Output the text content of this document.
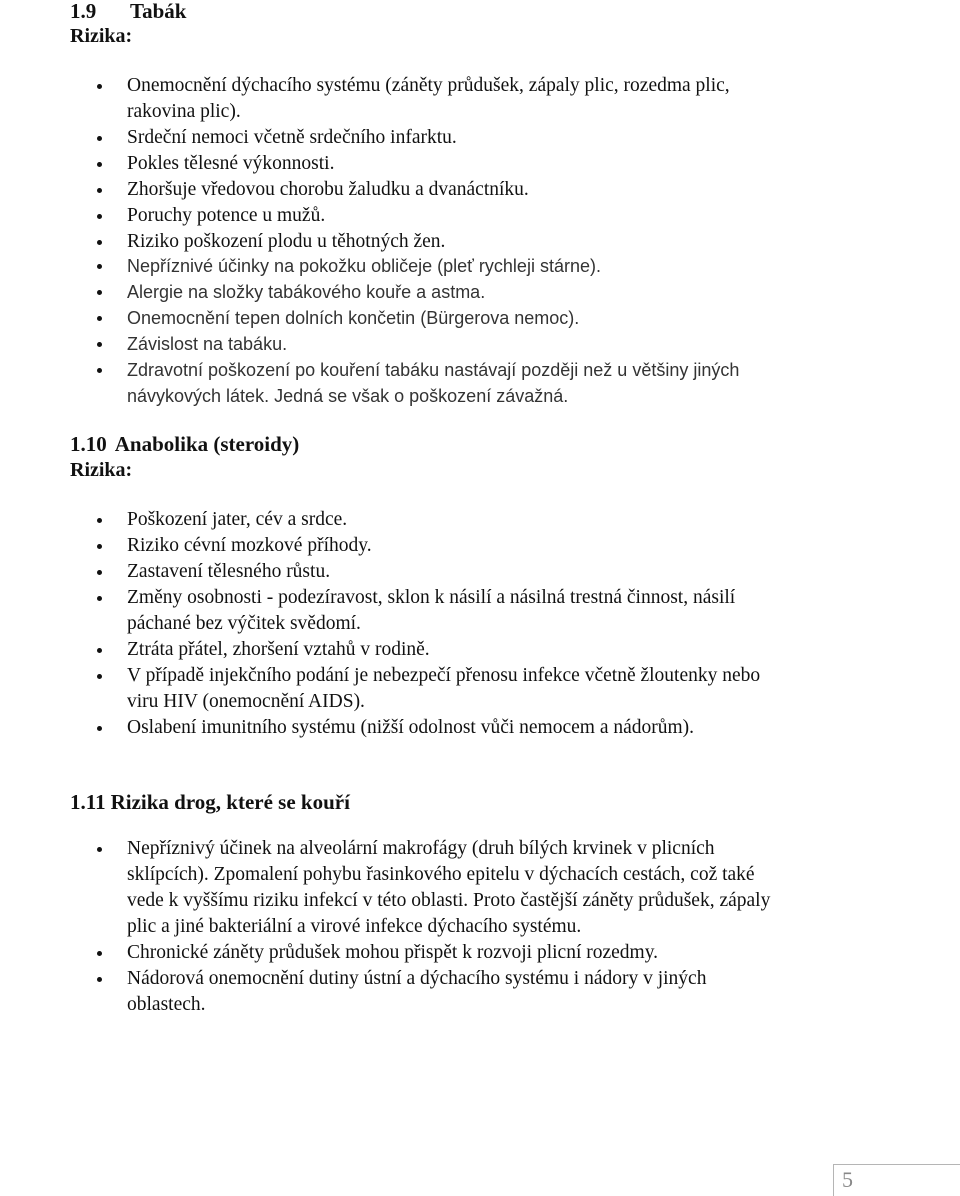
1.9 Tabák
Rizika:
Onemocnění dýchacího systému (záněty průdušek, zápaly plic, rozedma plic, rakovina plic).
Srdeční nemoci včetně srdečního infarktu.
Pokles tělesné výkonnosti.
Zhoršuje vředovou chorobu žaludku a dvanáctníku.
Poruchy potence u mužů.
Riziko poškození plodu u těhotných žen.
Nepříznivé účinky na pokožku obličeje (pleť rychleji stárne).
Alergie na složky tabákového kouře a astma.
Onemocnění tepen dolních končetin (Bürgerova nemoc).
Závislost na tabáku.
Zdravotní poškození po kouření tabáku nastávají později než u většiny jiných návykových látek. Jedná se však o poškození závažná.
1.10 Anabolika (steroidy)
Rizika:
Poškození jater, cév a srdce.
Riziko cévní mozkové příhody.
Zastavení tělesného růstu.
Změny osobnosti - podezíravost, sklon k násilí a násilná trestná činnost, násilí páchané bez výčitek svědomí.
Ztráta přátel, zhoršení vztahů v rodině.
V případě injekčního podání je nebezpečí přenosu infekce včetně žloutenky nebo viru HIV (onemocnění AIDS).
Oslabení imunitního systému (nižší odolnost vůči nemocem a nádorům).
1.11 Rizika drog, které se kouří
Nepříznivý účinek na alveolární makrofágy (druh bílých krvinek v plicních sklípcích). Zpomalení pohybu řasinkového epitelu v dýchacích cestách, což také vede k vyššímu riziku infekcí v této oblasti. Proto častější záněty průdušek, zápaly plic a jiné bakteriální a virové infekce dýchacího systému.
Chronické záněty průdušek mohou přispět k rozvoji plicní rozedmy.
Nádorová onemocnění dutiny ústní a dýchacího systému i nádory v jiných oblastech.
5
